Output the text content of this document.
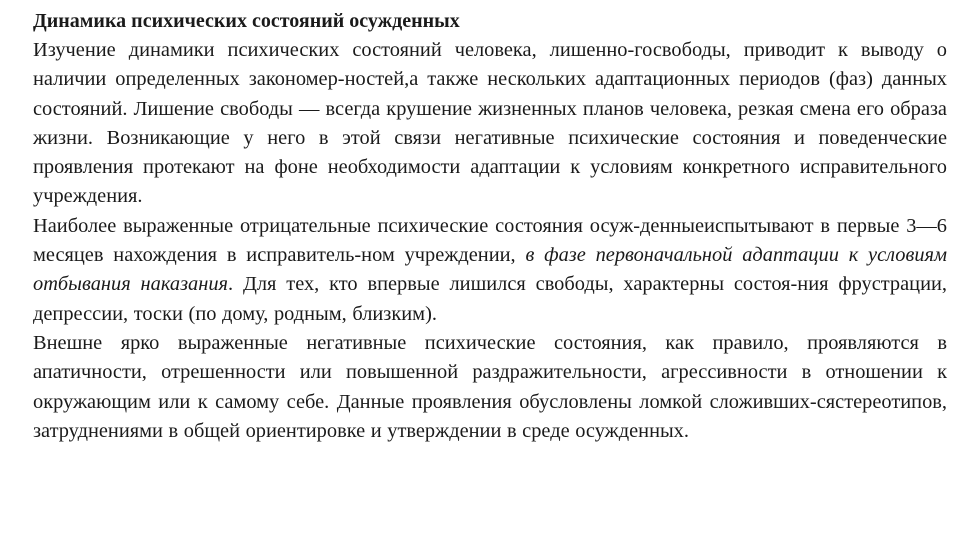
Динамика психических состояний осужденных

Изучение динамики психических состояний человека, лишенно-госвободы, приводит к выводу о наличии определенных закономер-ностей,а также нескольких адаптационных периодов (фаз) данных состояний. Лишение свободы — всегда крушение жизненных планов человека, резкая смена его образа жизни. Возникающие у него в этой связи негативные психические состояния и поведенческие проявления протекают на фоне необходимости адаптации к условиям конкретного исправительного учреждения.

Наиболее выраженные отрицательные психические состояния осуж-денныеиспытывают в первые 3—6 месяцев нахождения в исправитель-ном учреждении, в фазе первоначальной адаптации к условиям отбывания наказания. Для тех, кто впервые лишился свободы, характерны состоя-ния фрустрации, депрессии, тоски (по дому, родным, близким).

Внешне ярко выраженные негативные психические состояния, как правило, проявляются в апатичности, отрешенности или повышенной раздражительности, агрессивности в отношении к окружающим или к самому себе. Данные проявления обусловлены ломкой сложивших-сястереотипов, затруднениями в общей ориентировке и утверждении в среде осужденных.
